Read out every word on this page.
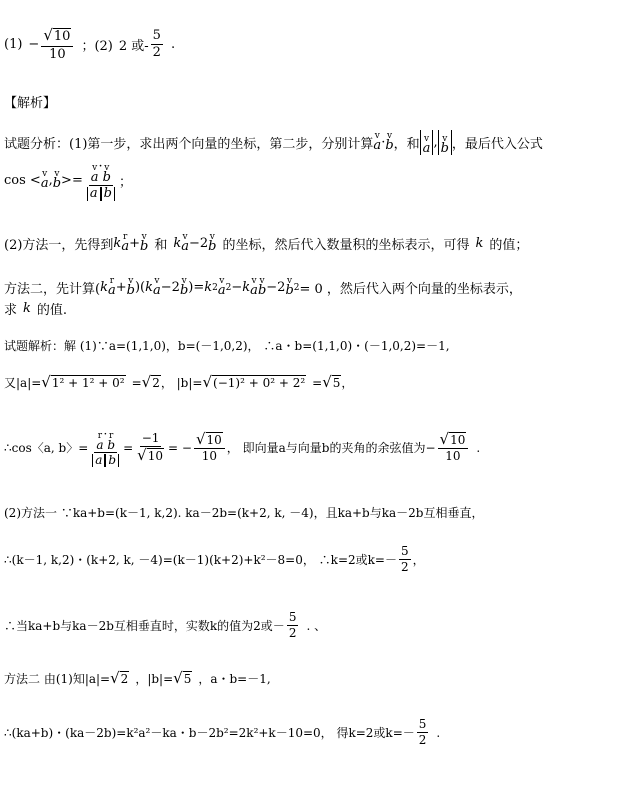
$(1) - \frac{√ 10}{10}$ ；(2) 2 或- $\frac{5}{2}$ .
【解析】
试题分析：(1)第一步，求出两个向量的坐标，第二步，分别计算
v
a · v
b ，和 v
a , v
b ，最后代入公式
cos < v
a , v
b >= v
a
· v
b
a b ；
(2)方法一，先得到 k r
a + v
b 和 k v
a −2 v
b 的坐标，然后代入数量积的坐标表示，可得 k 的值；
方法二，先计算( k r
a + v
b )( k v
a −2 v
b )= k 2
v
a 2 − k v
a
v
b −2 v
b 2 = 0 ，然后代入两个向量的坐标表示，
求 k 的值.
试题解析：解 (1)∵a=(1,1,0)，b=(－1,0,2)， ∴a・b=(1,1,0)・(－1,0,2)=－1,
又|a|= √ 1² + 1² + 0² = √ 2 ， |b|= √ (−1)² + 0² + 2² = √ 5 ，
∴cos〈a, b〉= r
a
· r
b
a $b = \frac{-1}{√ 10}$ = − $\frac{√ 10}{10}$ ， 即向量a与向量b的夹角的余弦值为− $\frac{√ 10}{10}$ .
(2)方法一 ∵ka+b=(k－1, k,2). ka－2b=(k+2, k, －4)，且ka+b与ka－2b互相垂直，
∴(k－1, k,2)・(k+2, k, －4)=(k－1)(k+2)+k²－8=0， ∴k=2或$k=- \frac{5}{2}$ ，
∴当ka+b与ka－2b互相垂直时，实数k的值为2或－ $\frac{5}{2}$ . 、
方法二 由(1)知|a|= √ 2 ，|b|= √ 5 ，a・b=－1,
∴(ka+b)・(ka－2b)=k²a²－ka・b－2b²=2k²+k－10=0， 得k=2或$k=- \frac{5}{2}$ .
